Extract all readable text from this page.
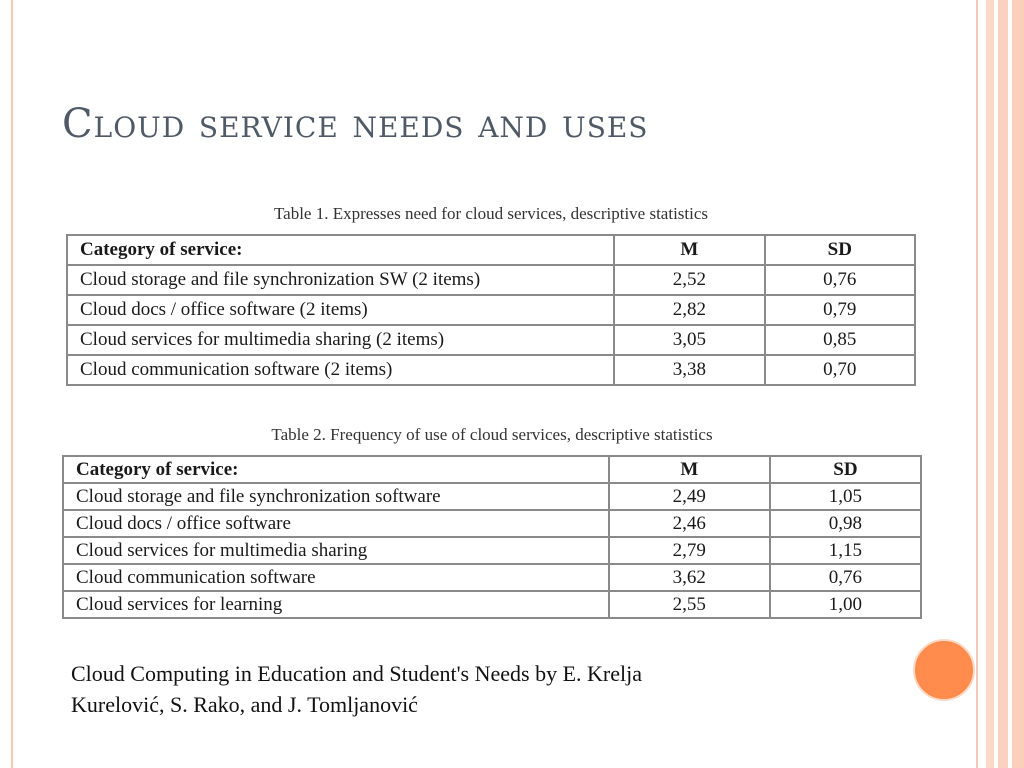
Cloud service needs and uses
Table 1. Expresses need for cloud services, descriptive statistics
Category of service:	M	SD
Cloud storage and file synchronization SW (2 items)	2,52	0,76
Cloud docs / office software (2 items)	2,82	0,79
Cloud services for multimedia sharing (2 items)	3,05	0,85
Cloud communication software (2 items)	3,38	0,70
Table 2. Frequency of use of cloud services, descriptive statistics
Category of service:	M	SD
Cloud storage and file synchronization software	2,49	1,05
Cloud docs / office software	2,46	0,98
Cloud services for multimedia sharing	2,79	1,15
Cloud communication software	3,62	0,76
Cloud services for learning	2,55	1,00

Cloud Computing in Education and Student's Needs by E. Krelja
Kurelović, S. Rako, and J. Tomljanović
